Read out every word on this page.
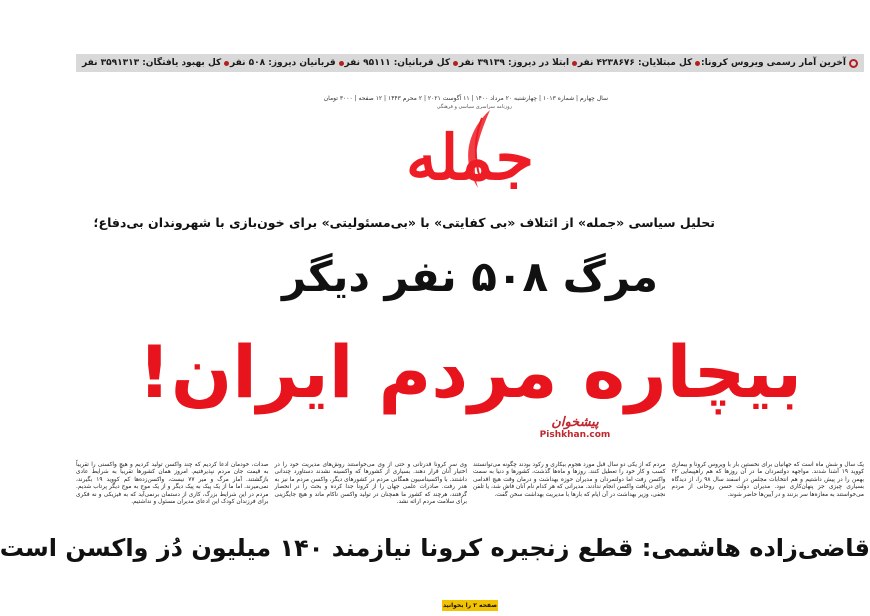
آخرین آمار رسمی ویروس کرونا:
کل مبتلایان: ۴۲۳۸۶۷۶ نفر
ابتلا در دیروز: ۳۹۱۳۹ نفر
کل قربانیان: ۹۵۱۱۱ نفر
قربانیان دیروز: ۵۰۸ نفر
کل بهبود یافتگان: ۳۵۹۱۳۱۳ نفر
سال چهارم | شماره ۱۰۱۳ | چهارشنبه ۲۰ مرداد ۱۴۰۰ | ۱۱ آگوست ۲۰۲۱ | ۲ محرم ۱۴۴۳ | ۱۲ صفحه | ۳۰۰۰ تومان
روزنامه سراسری سیاسی و فرهنگی
جمله
تحلیل سیاسی «جمله» از ائتلاف «بی کفایتی» با «بی‌مسئولیتی» برای خون‌بازی با شهروندان بی‌دفاع؛
مرگ ۵۰۸ نفر دیگر
بیچاره مردم ایران!
پیشخوان
Pishkhan.com
یک سال و شش ماه است که جهانیان برای نخستین بار با ویروس کرونا و بیماری کووید ۱۹ آشنا شدند. مواجهه دولتمردان ما در آن روزها که هم راهپیمایی ۲۲ بهمن را در پیش داشتیم و هم انتخابات مجلس در اسفند سال ۹۸ را، از دیدگاه بسیاری چیزی جز پنهان‌کاری نبود. مدیران دولت حسن روحانی از مردم می‌خواستند به مغازه‌ها سر بزنند و در آیین‌ها حاضر شوند.
مردم که از یکی دو سال قبل مورد هجوم بیکاری و رکود بودند چگونه می‌توانستند کسب و کار خود را تعطیل کنند. روزها و ماه‌ها گذشت، کشورها و دنیا به سمت واکسن رفت اما دولتمردان و مدیران حوزه بهداشت و درمان وقت هیچ اقدامی برای دریافت واکسن انجام ندادند. مدیرانی که هر کدام نام آنان فاش شد، یا تلفن نجفی، وزیر بهداشت در آن ایام که بارها با مدیریت بهداشت سخن گفت.
وی سر کرونا قدرتانی و حتی از وی می‌خواستند روش‌های مدیریت خود را در اختیار آنان قرار دهند. بسیاری از کشورها که واکسینه نشدند دستاورد چندانی داشتند. با واکسیناسیون همگانی مردم در کشورهای دیگر، واکسن مردم ما نیز به هدر رفت. صادرات علمی جهان را از کرونا جدا کرده و بحث را در انحصار گرفتند، هرچند که کشور ما همچنان در تولید واکسن ناکام ماند و هیچ جایگزینی برای سلامت مردم ارائه نشد.
صدات، خودمان ادعا کردیم که چند واکسن تولید کردیم و هیچ واکسنی را تقریباً به قیمت جان مردم نپذیرفتیم. امروز همان کشورها تقریباً به شرایط عادی بازگشتند. آمار مرگ و میر ۷۷ نیست، واکسن‌زده‌ها کم کووید ۱۹ بگیرند، نمی‌میرند. اما ما از یک پیک به پیک دیگر و از یک موج به موج دیگر پرتاب شدیم. مردم در این شرایط بزرگ، کاری از دستمان برنمی‌آید که به فیزیکی و نه فکری برای فرزندان کودک این ادعای مدیران مسئول و نداشتیم.
قاضی‌زاده هاشمی: قطع زنجیره کرونا نیازمند ۱۴۰ میلیون دُز واکسن است
صفحه ۲ را بخوانید
